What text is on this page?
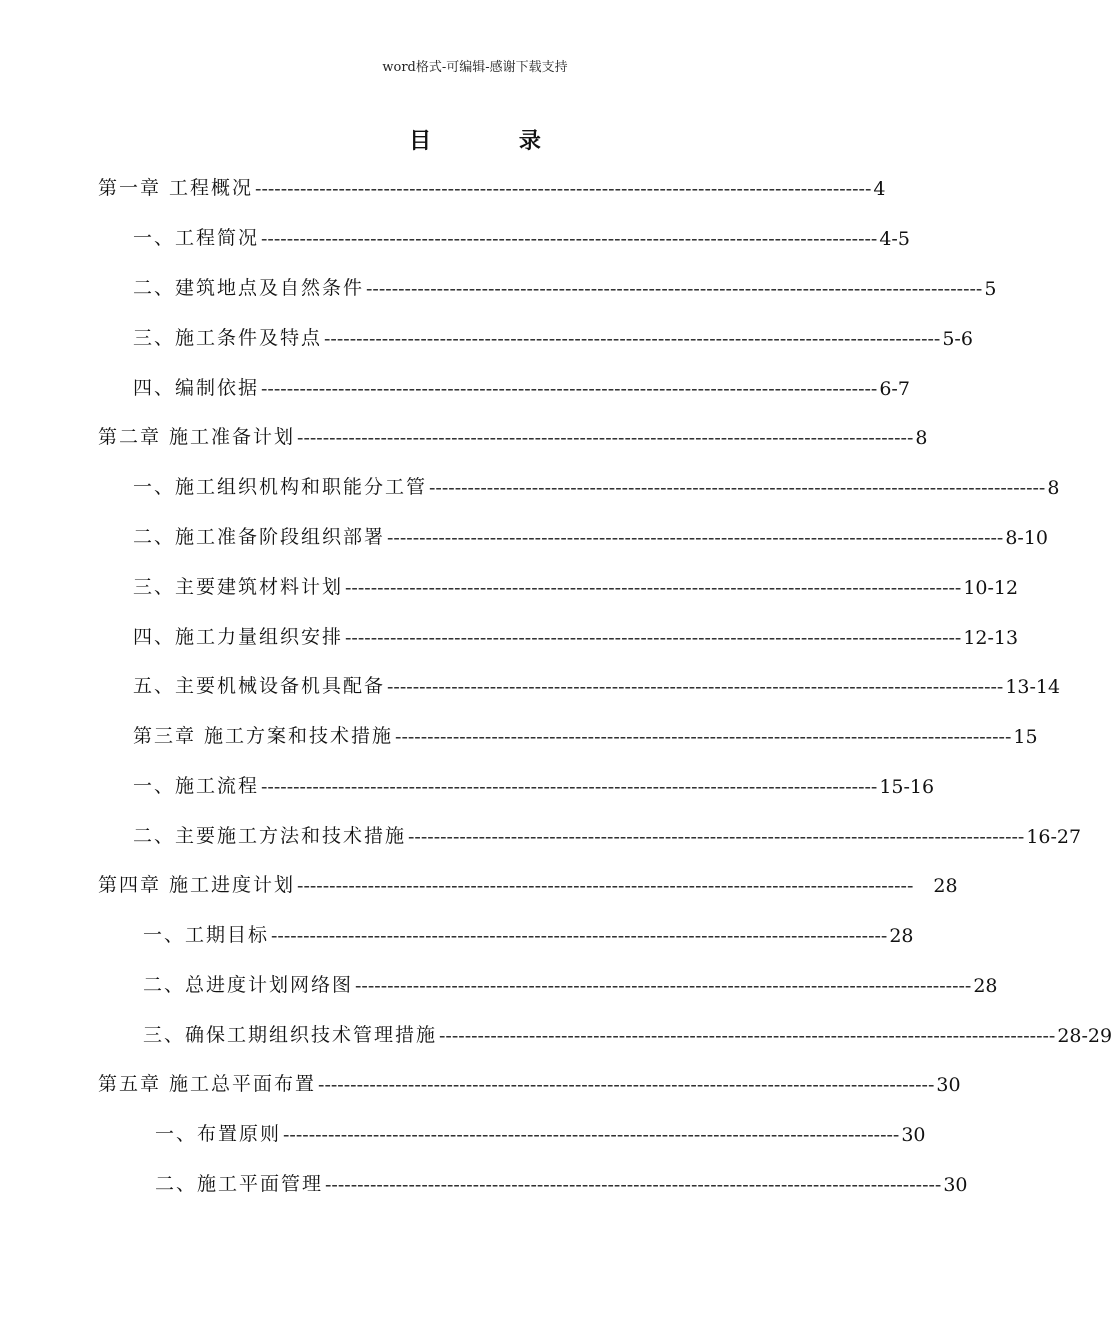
word格式-可编辑-感谢下载支持
目 录
第一章 工程概况 ------------------------------------------------------------------------------------------------ 4
一、工程简况 ------------------------------------------------------------------------------------------------ 4-5
二、建筑地点及自然条件 ------------------------------------------------------------------------------------------------ 5
三、施工条件及特点 ------------------------------------------------------------------------------------------------ 5-6
四、编制依据 ------------------------------------------------------------------------------------------------ 6-7
第二章 施工准备计划 ------------------------------------------------------------------------------------------------ 8
一、施工组织机构和职能分工管 ------------------------------------------------------------------------------------------------ 8
二、施工准备阶段组织部署 ------------------------------------------------------------------------------------------------ 8-10
三、主要建筑材料计划 ------------------------------------------------------------------------------------------------ 10-12
四、施工力量组织安排 ------------------------------------------------------------------------------------------------ 12-13
五、主要机械设备机具配备 ------------------------------------------------------------------------------------------------ 13-14
第三章 施工方案和技术措施 ------------------------------------------------------------------------------------------------ 15
一、施工流程 ------------------------------------------------------------------------------------------------ 15-16
二、主要施工方法和技术措施 ------------------------------------------------------------------------------------------------ 16-27
第四章 施工进度计划 ------------------------------------------------------------------------------------------------ 28
一、工期目标 ------------------------------------------------------------------------------------------------ 28
二、总进度计划网络图 ------------------------------------------------------------------------------------------------ 28
三、确保工期组织技术管理措施 ------------------------------------------------------------------------------------------------ 28-29
第五章 施工总平面布置 ------------------------------------------------------------------------------------------------ 30
一、布置原则 ------------------------------------------------------------------------------------------------ 30
二、施工平面管理 ------------------------------------------------------------------------------------------------ 30
